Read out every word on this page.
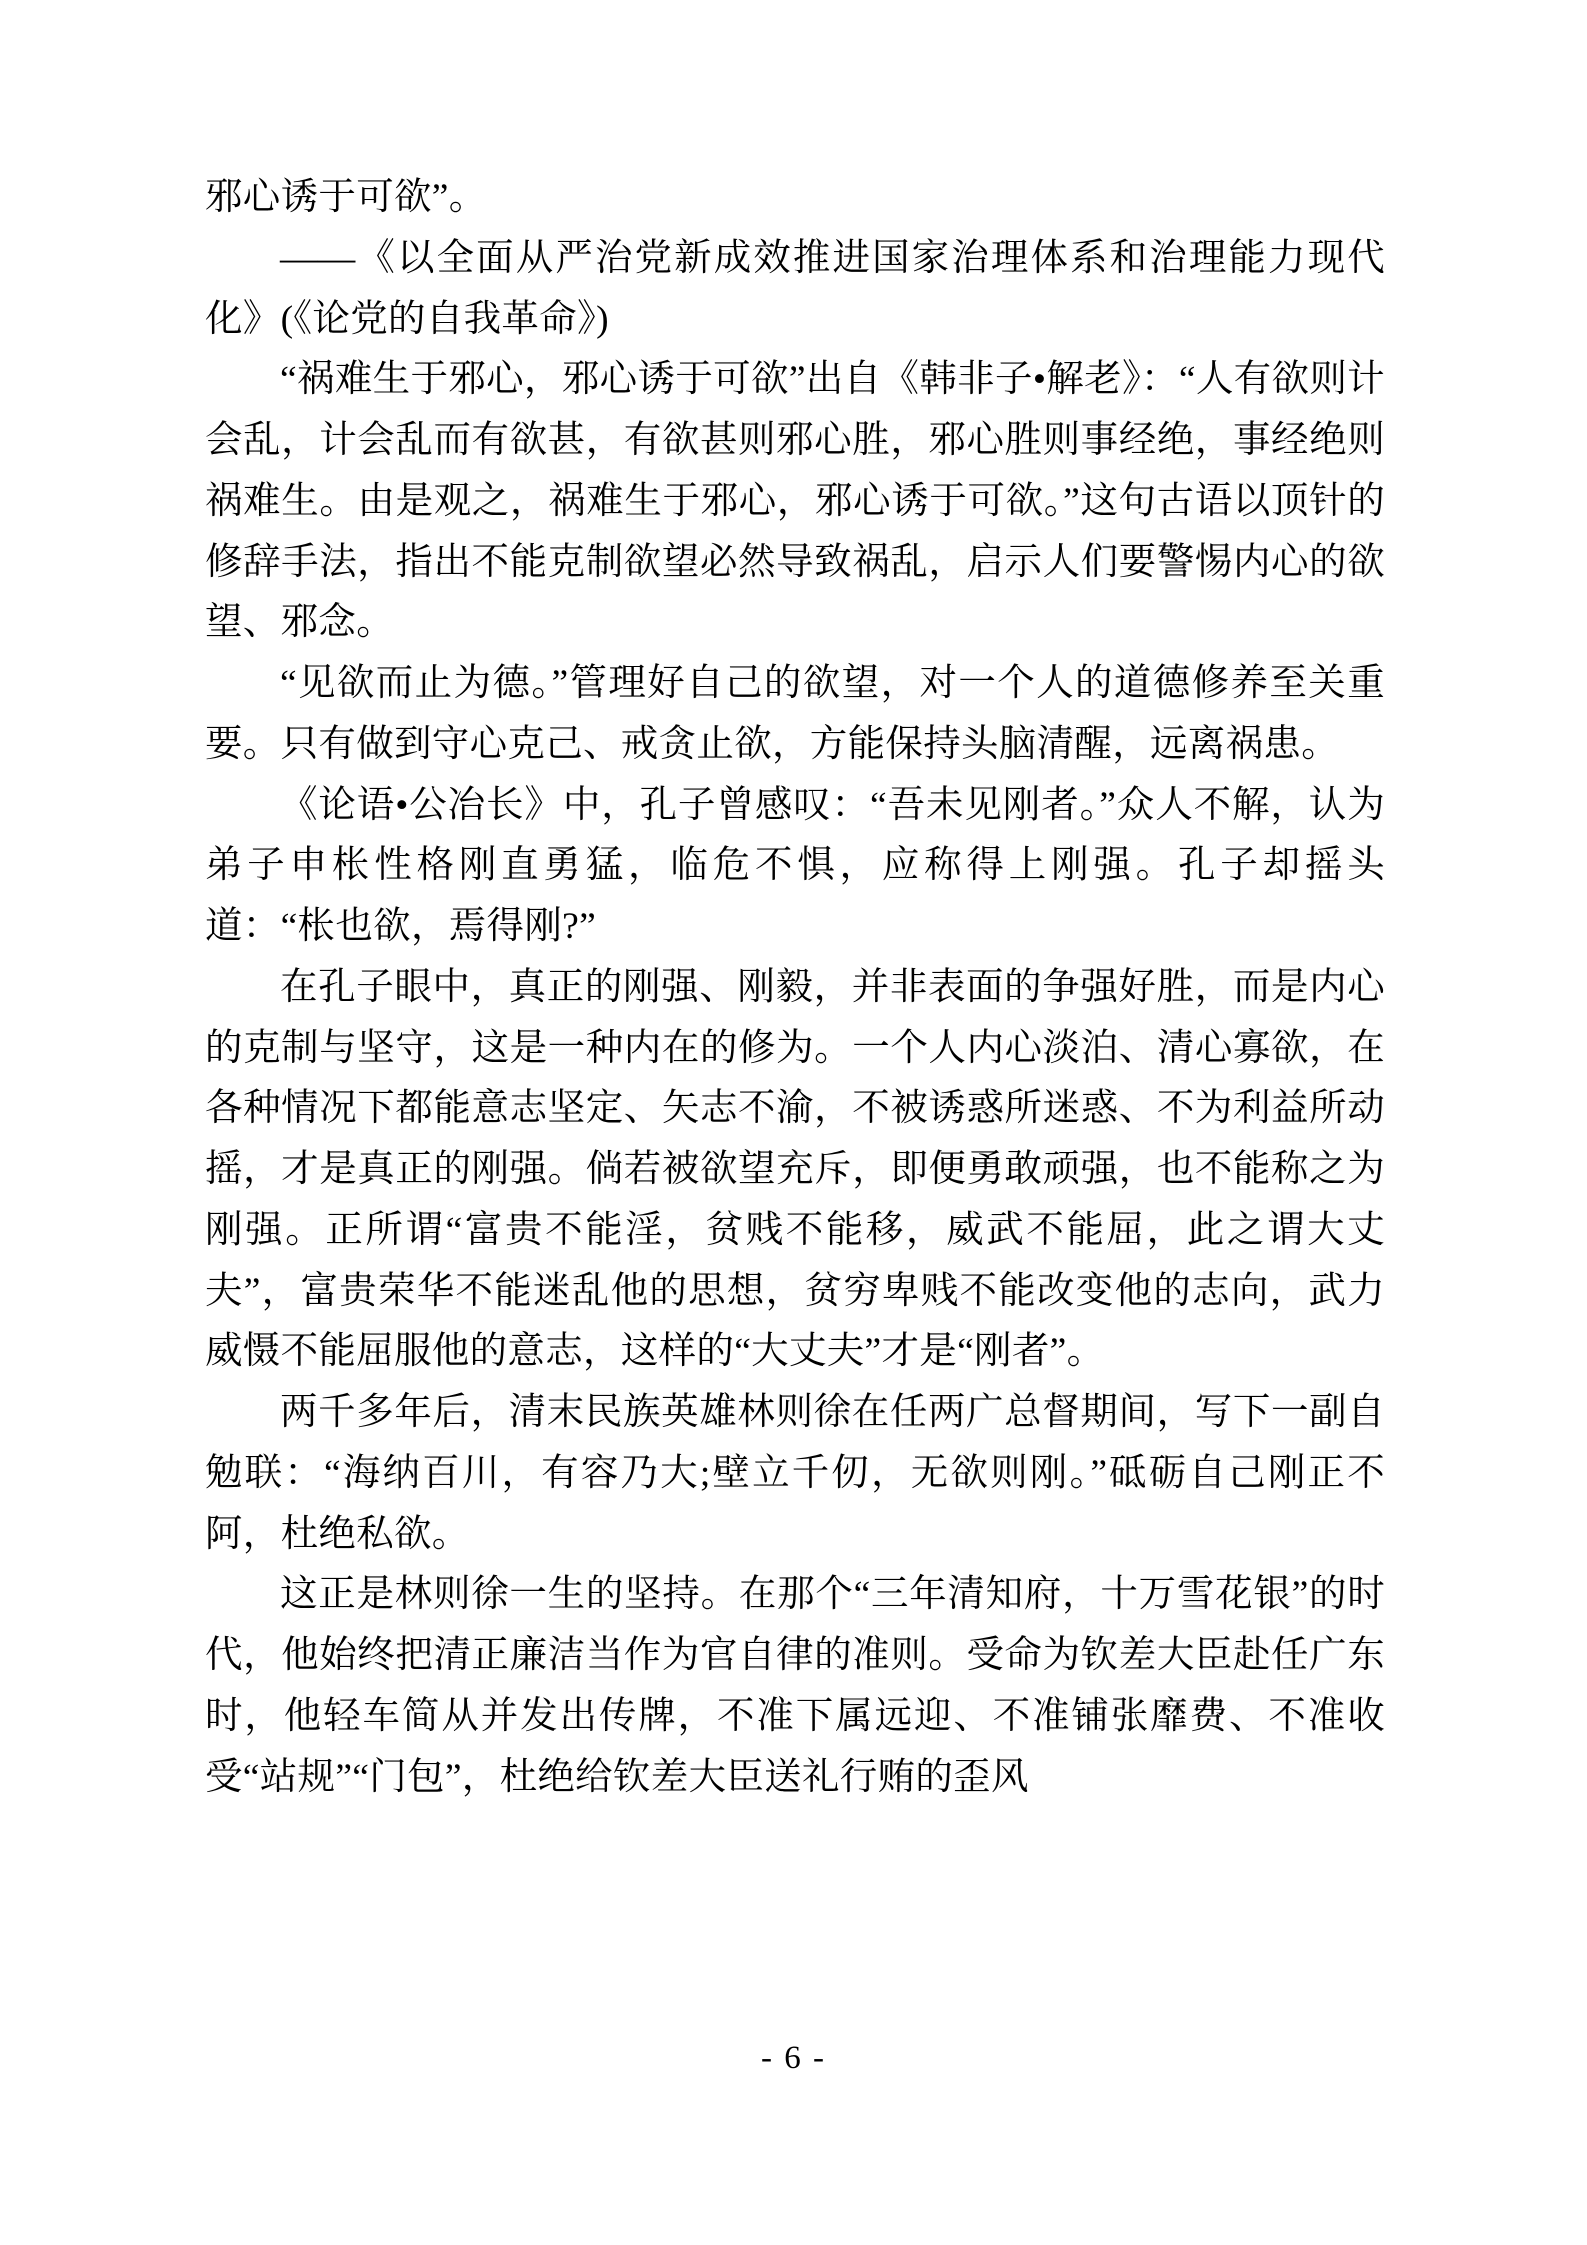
邪心诱于可欲”。

——《以全面从严治党新成效推进国家治理体系和治理能力现代化》(《论党的自我革命》)

“祸难生于邪心，邪心诱于可欲”出自《韩非子•解老》：“人有欲则计会乱，计会乱而有欲甚，有欲甚则邪心胜，邪心胜则事经绝，事经绝则祸难生。由是观之，祸难生于邪心，邪心诱于可欲。”这句古语以顶针的修辞手法，指出不能克制欲望必然导致祸乱，启示人们要警惕内心的欲望、邪念。

“见欲而止为德。”管理好自己的欲望，对一个人的道德修养至关重要。只有做到守心克己、戒贪止欲，方能保持头脑清醒，远离祸患。

《论语•公冶长》中，孔子曾感叹：“吾未见刚者。”众人不解，认为弟子申枨性格刚直勇猛，临危不惧，应称得上刚强。孔子却摇头道：“枨也欲，焉得刚?”

在孔子眼中，真正的刚强、刚毅，并非表面的争强好胜，而是内心的克制与坚守，这是一种内在的修为。一个人内心淡泊、清心寡欲，在各种情况下都能意志坚定、矢志不渝，不被诱惑所迷惑、不为利益所动摇，才是真正的刚强。倘若被欲望充斥，即便勇敢顽强，也不能称之为刚强。正所谓“富贵不能淫，贫贱不能移，威武不能屈，此之谓大丈夫”，富贵荣华不能迷乱他的思想，贫穷卑贱不能改变他的志向，武力威慑不能屈服他的意志，这样的“大丈夫”才是“刚者”。

两千多年后，清末民族英雄林则徐在任两广总督期间，写下一副自勉联：“海纳百川，有容乃大;壁立千仞，无欲则刚。”砥砺自己刚正不阿，杜绝私欲。

这正是林则徐一生的坚持。在那个“三年清知府，十万雪花银”的时代，他始终把清正廉洁当作为官自律的准则。受命为钦差大臣赴任广东时，他轻车简从并发出传牌，不准下属远迎、不准铺张靡费、不准收受“站规”“门包”，杜绝给钦差大臣送礼行贿的歪风

- 6 -
